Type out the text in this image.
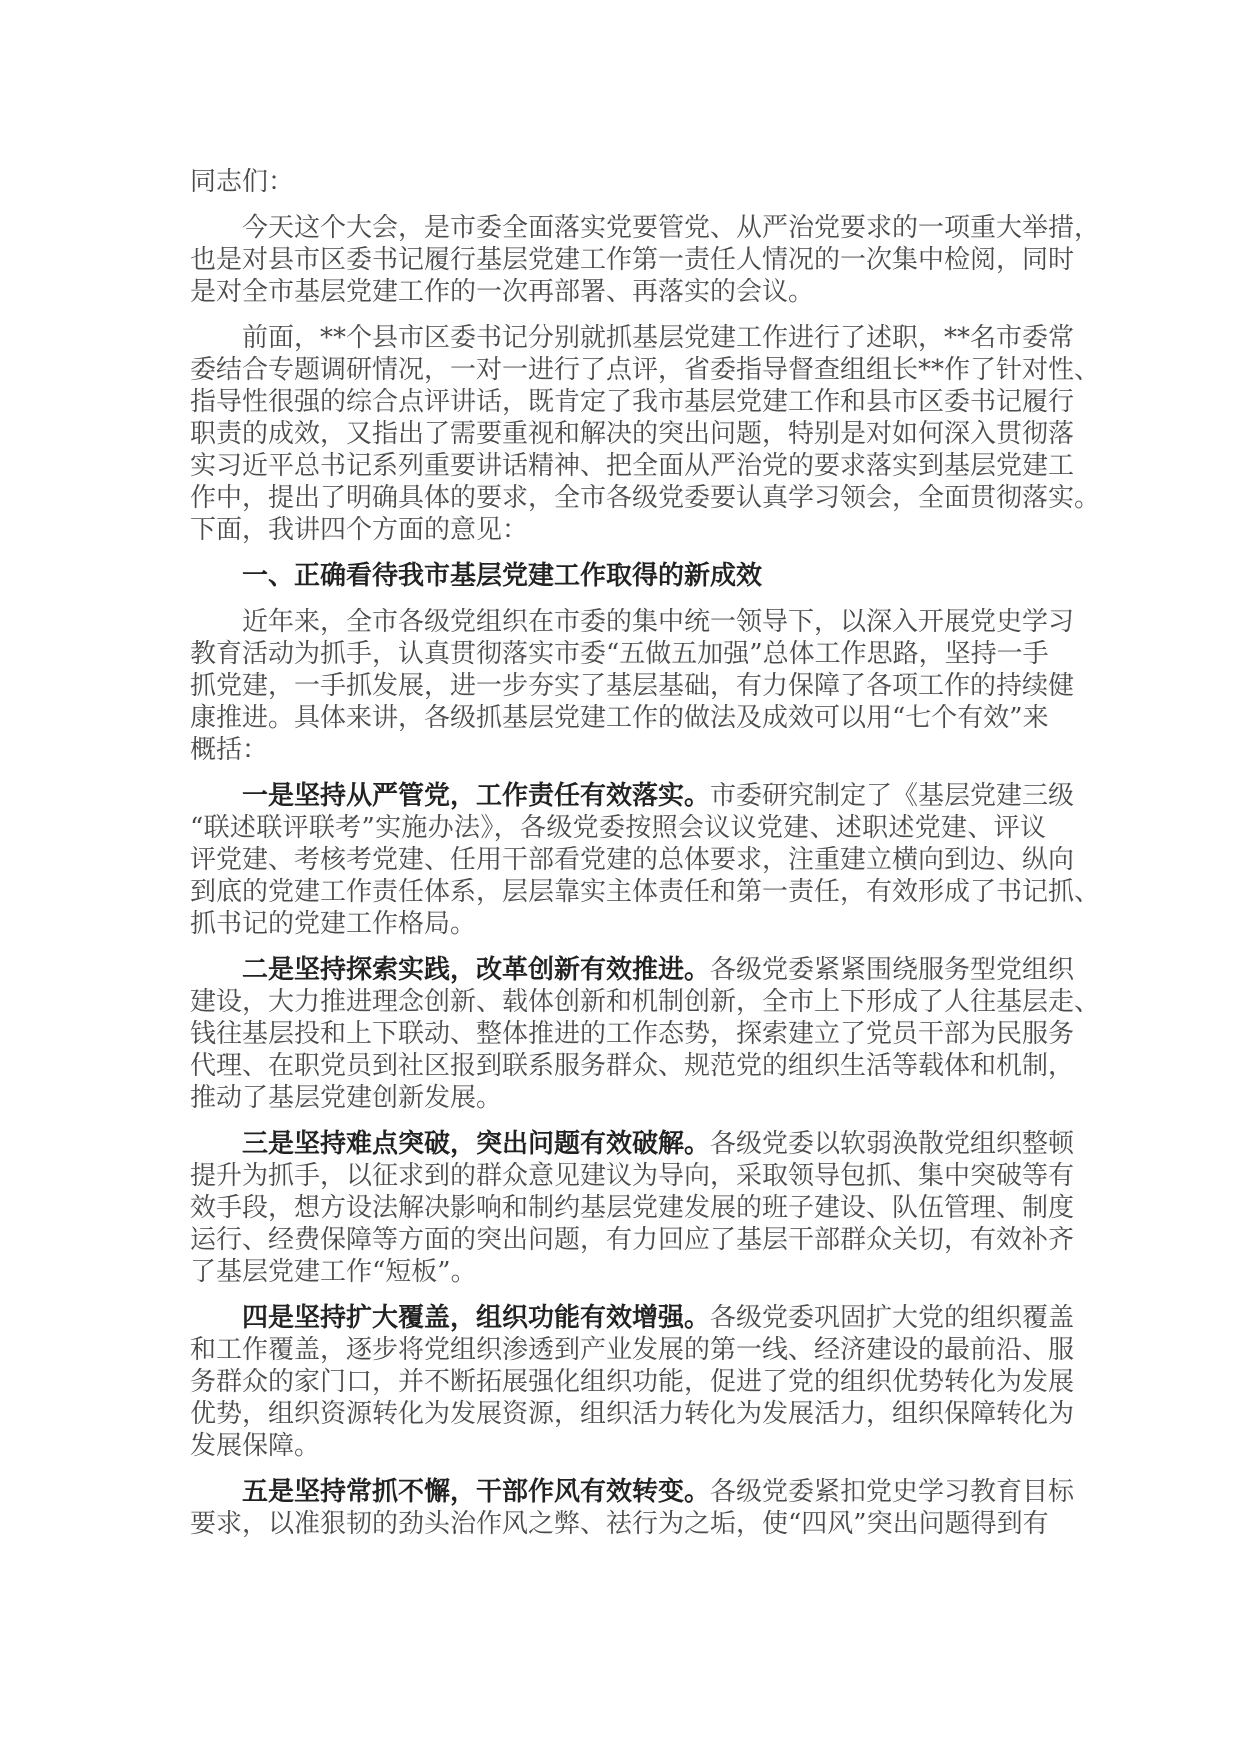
同志们：
今天这个大会，是市委全面落实党要管党、从严治党要求的一项重大举措，
也是对县市区委书记履行基层党建工作第一责任人情况的一次集中检阅，同时
是对全市基层党建工作的一次再部署、再落实的会议。
前面，**个县市区委书记分别就抓基层党建工作进行了述职，**名市委常
委结合专题调研情况，一对一进行了点评，省委指导督查组组长**作了针对性、
指导性很强的综合点评讲话，既肯定了我市基层党建工作和县市区委书记履行
职责的成效，又指出了需要重视和解决的突出问题，特别是对如何深入贯彻落
实习近平总书记系列重要讲话精神、把全面从严治党的要求落实到基层党建工
作中，提出了明确具体的要求，全市各级党委要认真学习领会，全面贯彻落实。
下面，我讲四个方面的意见：
一、正确看待我市基层党建工作取得的新成效
近年来，全市各级党组织在市委的集中统一领导下，以深入开展党史学习
教育活动为抓手，认真贯彻落实市委“五做五加强”总体工作思路，坚持一手
抓党建，一手抓发展，进一步夯实了基层基础，有力保障了各项工作的持续健
康推进。具体来讲，各级抓基层党建工作的做法及成效可以用“七个有效”来
概括：
一是坚持从严管党，工作责任有效落实。市委研究制定了《基层党建三级
“联述联评联考”实施办法》，各级党委按照会议议党建、述职述党建、评议
评党建、考核考党建、任用干部看党建的总体要求，注重建立横向到边、纵向
到底的党建工作责任体系，层层靠实主体责任和第一责任，有效形成了书记抓、
抓书记的党建工作格局。
二是坚持探索实践，改革创新有效推进。各级党委紧紧围绕服务型党组织
建设，大力推进理念创新、载体创新和机制创新，全市上下形成了人往基层走、
钱往基层投和上下联动、整体推进的工作态势，探索建立了党员干部为民服务
代理、在职党员到社区报到联系服务群众、规范党的组织生活等载体和机制，
推动了基层党建创新发展。
三是坚持难点突破，突出问题有效破解。各级党委以软弱涣散党组织整顿
提升为抓手，以征求到的群众意见建议为导向，采取领导包抓、集中突破等有
效手段，想方设法解决影响和制约基层党建发展的班子建设、队伍管理、制度
运行、经费保障等方面的突出问题，有力回应了基层干部群众关切，有效补齐
了基层党建工作“短板”。
四是坚持扩大覆盖，组织功能有效增强。各级党委巩固扩大党的组织覆盖
和工作覆盖，逐步将党组织渗透到产业发展的第一线、经济建设的最前沿、服
务群众的家门口，并不断拓展强化组织功能，促进了党的组织优势转化为发展
优势，组织资源转化为发展资源，组织活力转化为发展活力，组织保障转化为
发展保障。
五是坚持常抓不懈，干部作风有效转变。各级党委紧扣党史学习教育目标
要求，以准狠韧的劲头治作风之弊、祛行为之垢，使“四风”突出问题得到有
